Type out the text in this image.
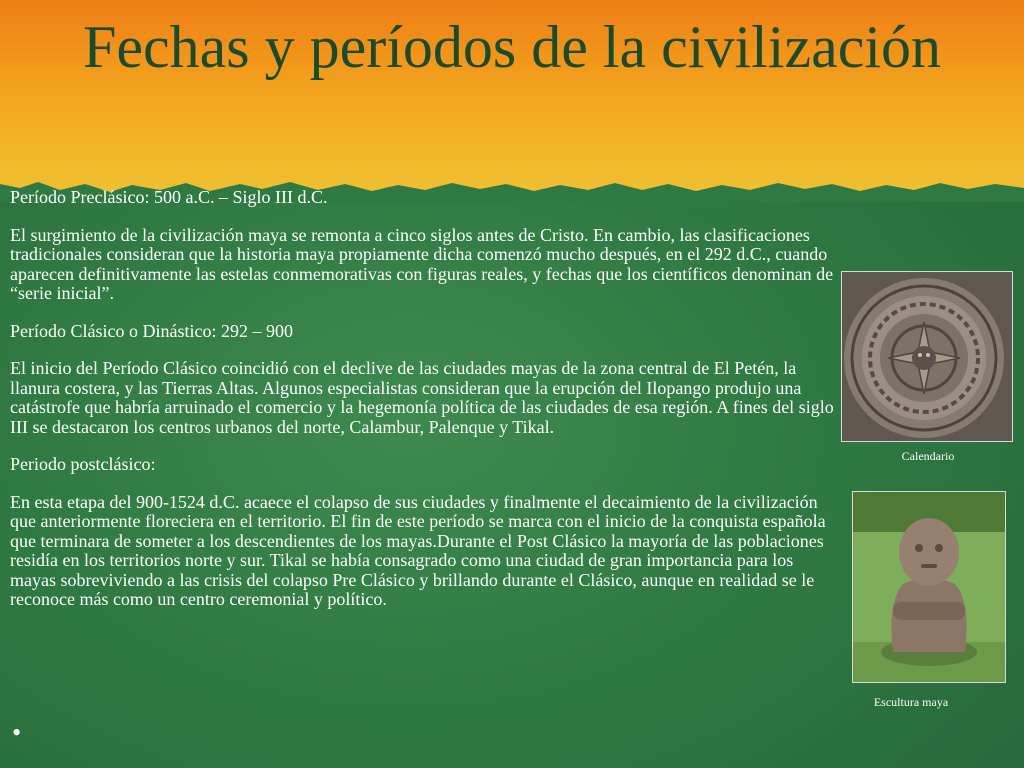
Fechas y períodos de la civilización

Período Preclásico: 500 a.C. – Siglo III d.C.

El surgimiento de la civilización maya se remonta a cinco siglos antes de Cristo. En cambio, las clasificaciones tradicionales consideran que la historia maya propiamente dicha comenzó mucho después, en el 292 d.C., cuando aparecen definitivamente las estelas conmemorativas con figuras reales, y fechas que los científicos denominan de “serie inicial”.

Período Clásico o Dinástico: 292 – 900

El inicio del Período Clásico coincidió con el declive de las ciudades mayas de la zona central de El Petén, la llanura costera, y las Tierras Altas. Algunos especialistas consideran que la erupción del Ilopango produjo una catástrofe que habría arruinado el comercio y la hegemonía política de las ciudades de esa región. A fines del siglo III se destacaron los centros urbanos del norte, Calambur, Palenque y Tikal.

Periodo postclásico:

En esta etapa del 900-1524 d.C. acaece el colapso de sus ciudades y finalmente el decaimiento de la civilización que anteriormente floreciera en el territorio. El fin de este período se marca con el inicio de la conquista española que terminara de someter a los descendientes de los mayas.Durante el Post Clásico la mayoría de las poblaciones residía en los territorios norte y sur. Tikal se había consagrado como una ciudad de gran importancia para los mayas sobreviviendo a las crisis del colapso Pre Clásico y brillando durante el Clásico, aunque en realidad se le reconoce más como un centro ceremonial y político.

•
Calendario
Escultura maya
